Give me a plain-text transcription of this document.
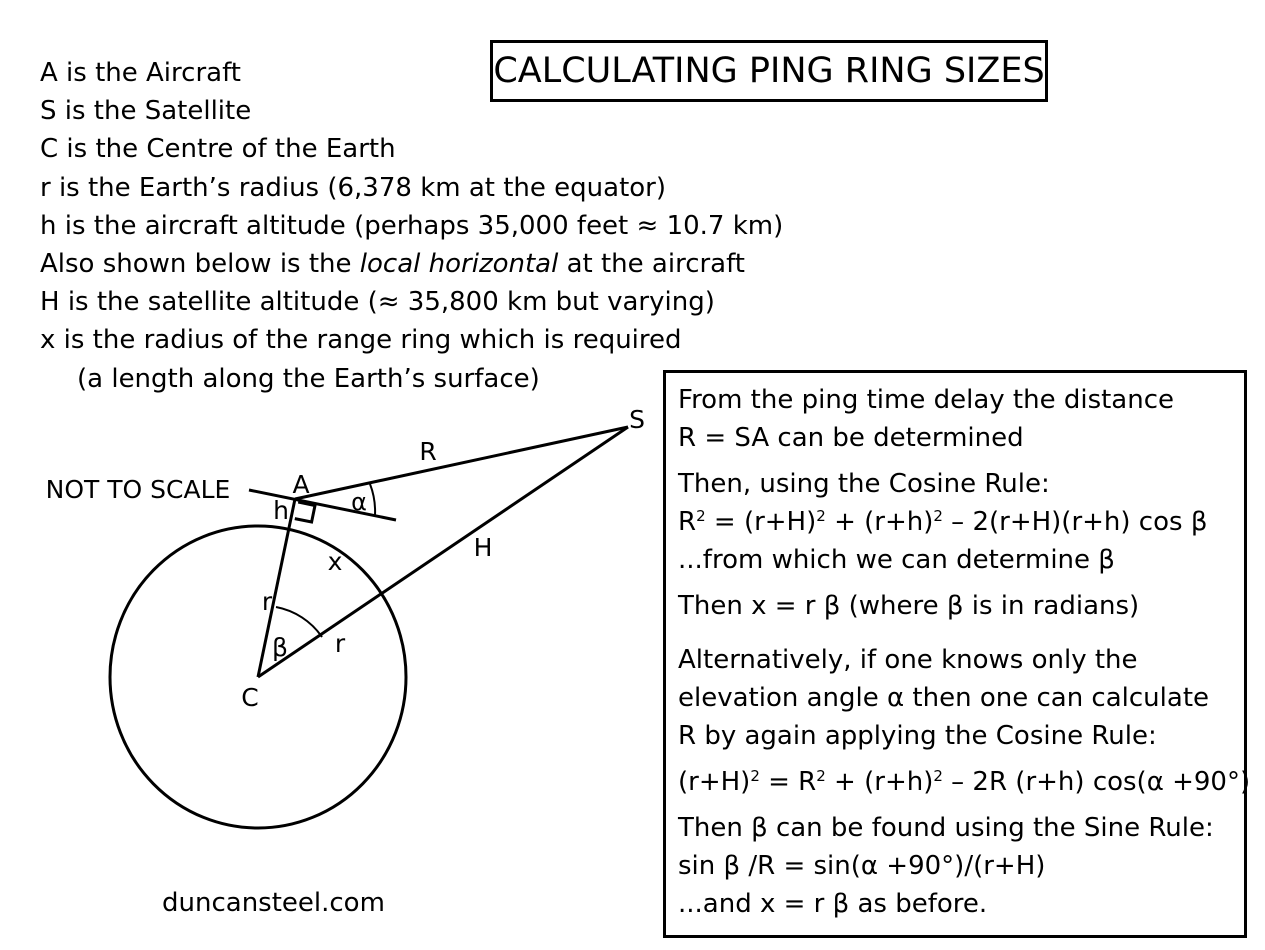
A is the Aircraft
S is the Satellite
C is the Centre of the Earth
r is the Earth’s radius (6,378 km at the equator)
h is the aircraft altitude (perhaps 35,000 feet ≈ 10.7 km)
Also shown below is the local horizontal at the aircraft
H is the satellite altitude (≈ 35,800 km but varying)
x is the radius of the range ring which is required
(a length along the Earth’s surface)
CALCULATING PING RING SIZES
NOT TO SCALE A
S
C
R
H
h
x
r
r
α
β
From the ping time delay the distance
R = SA can be determined
Then, using the Cosine Rule:
$R^2 = (r+H)^2 + (r+h)^2 - 2(r+H)(r+h)$ cos β
...from which we can determine β
Then x = r β (where β is in radians)
Alternatively, if one knows only the
elevation angle α then one can calculate
R by again applying the Cosine Rule:
$(r+H)^2 = R^2 + (r+h)^2 - 2R$ (r+h) cos(α +90°)
Then β can be found using the Sine Rule:
sin β /R = sin(α +90°)/(r+H)
...and x = r β as before.
duncansteel.com
